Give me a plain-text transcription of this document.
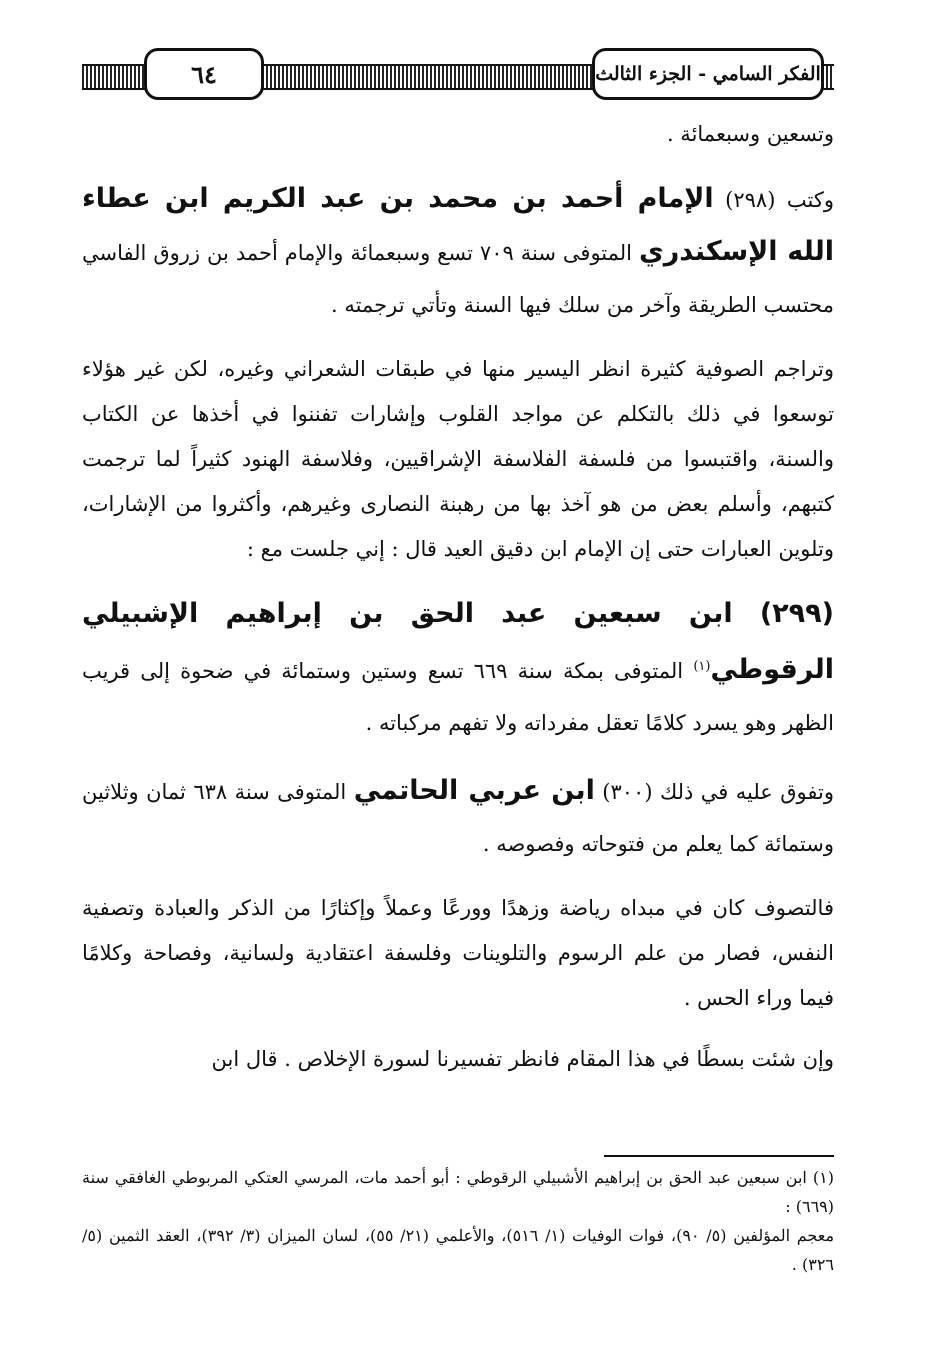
٦٤	الفكر السامي - الجزء الثالث

وتسعين وسبعمائة .

وكتب (٢٩٨) الإمام أحمد بن محمد بن عبد الكريم ابن عطاء الله الإسكندري المتوفى سنة ٧٠٩ تسع وسبعمائة والإمام أحمد بن زروق الفاسي محتسب الطريقة وآخر من سلك فيها السنة وتأتي ترجمته .

وتراجم الصوفية كثيرة انظر اليسير منها في طبقات الشعراني وغيره، لكن غير هؤلاء توسعوا في ذلك بالتكلم عن مواجد القلوب وإشارات تفننوا في أخذها عن الكتاب والسنة، واقتبسوا من فلسفة الفلاسفة الإشراقيين، وفلاسفة الهنود كثيراً لما ترجمت كتبهم، وأسلم بعض من هو آخذ بها من رهبنة النصارى وغيرهم، وأكثروا من الإشارات، وتلوين العبارات حتى إن الإمام ابن دقيق العيد قال : إني جلست مع :

(٢٩٩) ابن سبعين عبد الحق بن إبراهيم الإشبيلي الرقوطي$^{(١)}$ المتوفى بمكة سنة ٦٦٩ تسع وستين وستمائة في ضحوة إلى قريب الظهر وهو يسرد كلامًا تعقل مفرداته ولا تفهم مركباته .

وتفوق عليه في ذلك (٣٠٠) ابن عربي الحاتمي المتوفى سنة ٦٣٨ ثمان وثلاثين وستمائة كما يعلم من فتوحاته وفصوصه .

فالتصوف كان في مبداه رياضة وزهدًا وورعًا وعملاً وإكثارًا من الذكر والعبادة وتصفية النفس، فصار من علم الرسوم والتلوينات وفلسفة اعتقادية ولسانية، وفصاحة وكلامًا فيما وراء الحس .

وإن شئت بسطًا في هذا المقام فانظر تفسيرنا لسورة الإخلاص . قال ابن

(١) ابن سبعين عبد الحق بن إبراهيم الأشبيلي الرقوطي : أبو أحمد مات، المرسي العتكي المربوطي الغافقي سنة (٦٦٩) :

معجم المؤلفين (٥/ ٩٠)، فوات الوفيات (١/ ٥١٦)، والأعلمي (٢١/ ٥٥)، لسان الميزان (٣/ ٣٩٢)، العقد الثمين (٥/ ٣٢٦) .
